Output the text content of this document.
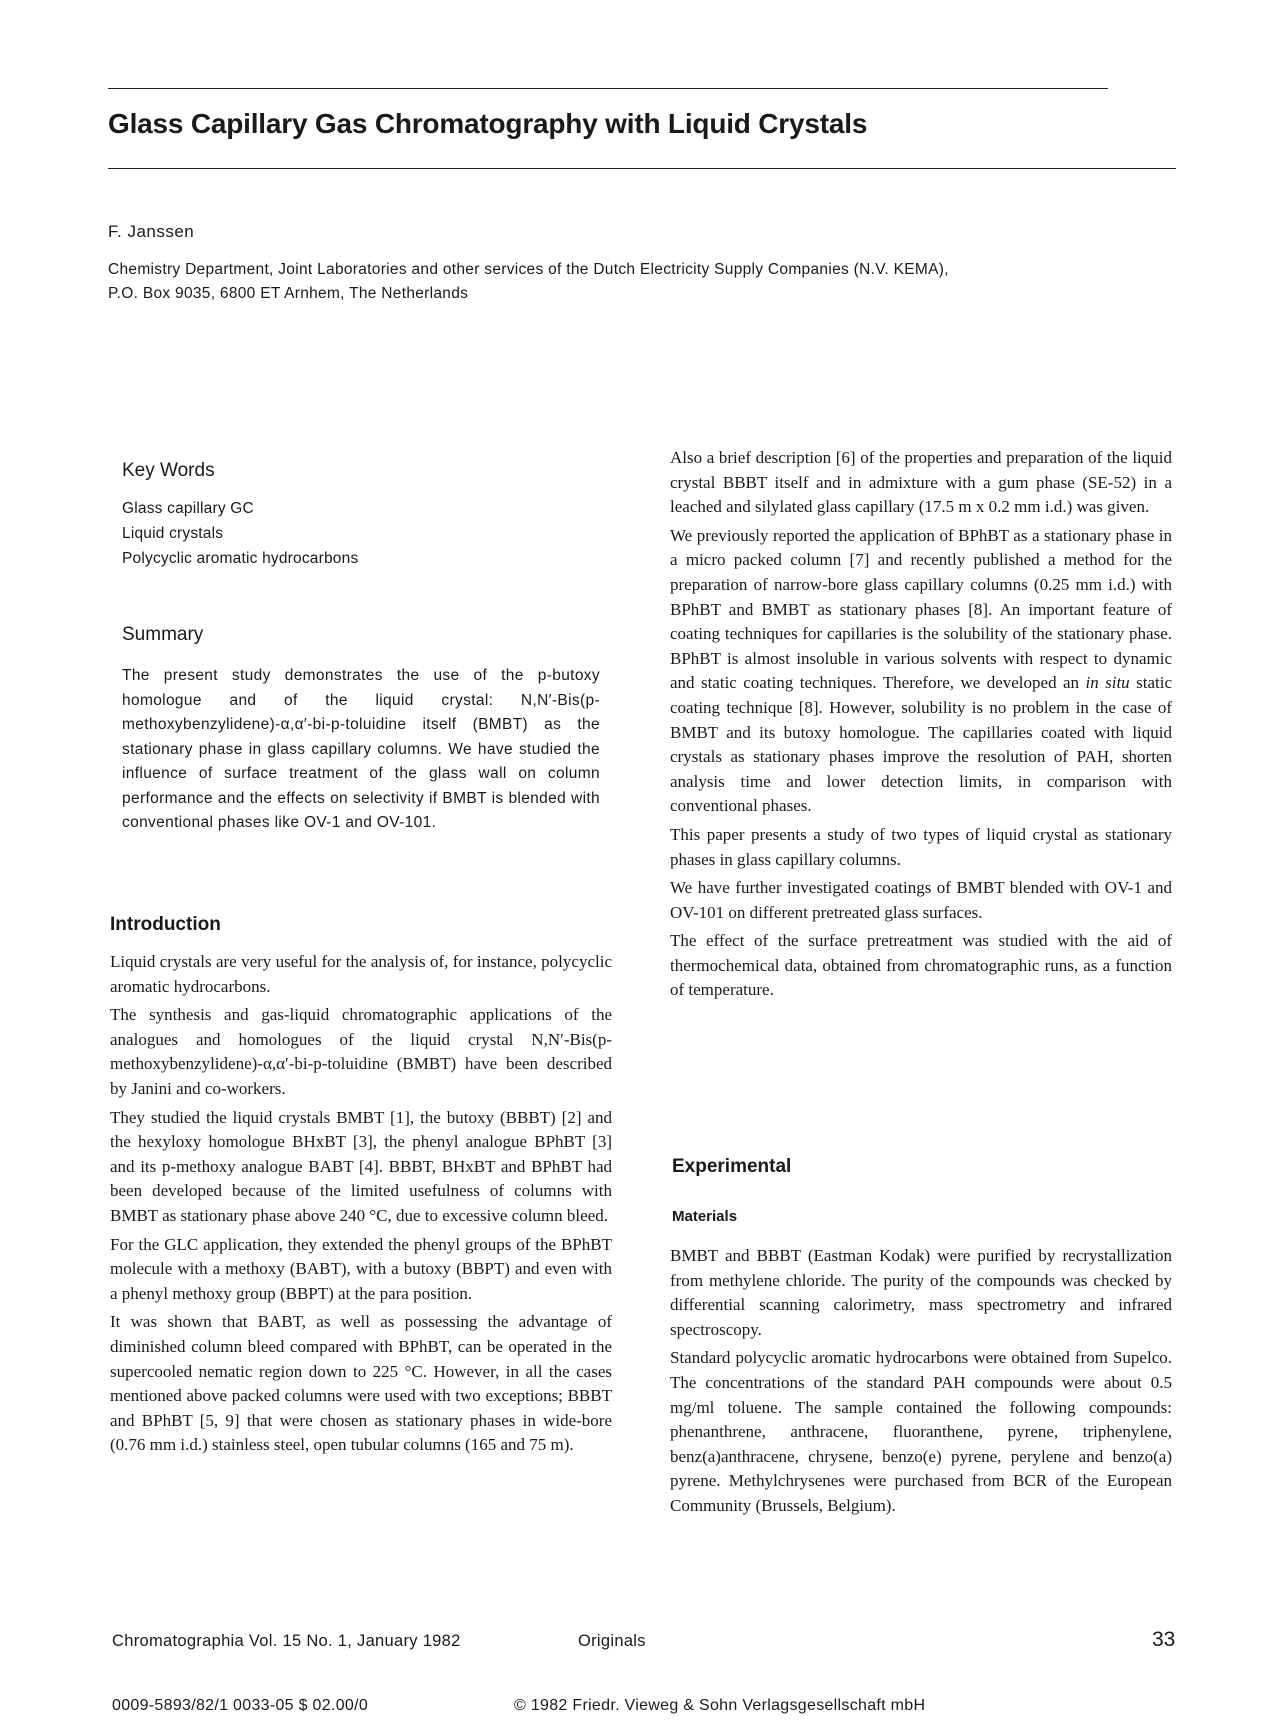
Glass Capillary Gas Chromatography with Liquid Crystals
F. Janssen
Chemistry Department, Joint Laboratories and other services of the Dutch Electricity Supply Companies (N.V. KEMA),
P.O. Box 9035, 6800 ET Arnhem, The Netherlands
Key Words
Glass capillary GC
Liquid crystals
Polycyclic aromatic hydrocarbons
Summary
The present study demonstrates the use of the p-butoxy homologue and of the liquid crystal: N,N′-Bis(p-methoxybenzylidene)-α,α′-bi-p-toluidine itself (BMBT) as the stationary phase in glass capillary columns. We have studied the influence of surface treatment of the glass wall on column performance and the effects on selectivity if BMBT is blended with conventional phases like OV-1 and OV-101.
Introduction

Liquid crystals are very useful for the analysis of, for instance, polycyclic aromatic hydrocarbons.

The synthesis and gas-liquid chromatographic applications of the analogues and homologues of the liquid crystal N,N′-Bis(p-methoxybenzylidene)-α,α′-bi-p-toluidine (BMBT) have been described by Janini and co-workers.

They studied the liquid crystals BMBT [1], the butoxy (BBBT) [2] and the hexyloxy homologue BHxBT [3], the phenyl analogue BPhBT [3] and its p-methoxy analogue BABT [4]. BBBT, BHxBT and BPhBT had been developed because of the limited usefulness of columns with BMBT as stationary phase above 240 °C, due to excessive column bleed.

For the GLC application, they extended the phenyl groups of the BPhBT molecule with a methoxy (BABT), with a butoxy (BBPT) and even with a phenyl methoxy group (BBPT) at the para position.

It was shown that BABT, as well as possessing the advantage of diminished column bleed compared with BPhBT, can be operated in the supercooled nematic region down to 225 °C. However, in all the cases mentioned above packed columns were used with two exceptions; BBBT and BPhBT [5, 9] that were chosen as stationary phases in wide-bore (0.76 mm i.d.) stainless steel, open tubular columns (165 and 75 m).

Also a brief description [6] of the properties and preparation of the liquid crystal BBBT itself and in admixture with a gum phase (SE-52) in a leached and silylated glass capillary (17.5 m x 0.2 mm i.d.) was given.

We previously reported the application of BPhBT as a stationary phase in a micro packed column [7] and recently published a method for the preparation of narrow-bore glass capillary columns (0.25 mm i.d.) with BPhBT and BMBT as stationary phases [8]. An important feature of coating techniques for capillaries is the solubility of the stationary phase. BPhBT is almost insoluble in various solvents with respect to dynamic and static coating techniques. Therefore, we developed an in situ static coating technique [8]. However, solubility is no problem in the case of BMBT and its butoxy homologue. The capillaries coated with liquid crystals as stationary phases improve the resolution of PAH, shorten analysis time and lower detection limits, in comparison with conventional phases.

This paper presents a study of two types of liquid crystal as stationary phases in glass capillary columns.

We have further investigated coatings of BMBT blended with OV-1 and OV-101 on different pretreated glass surfaces.

The effect of the surface pretreatment was studied with the aid of thermochemical data, obtained from chromatographic runs, as a function of temperature.

Experimental
Materials

BMBT and BBBT (Eastman Kodak) were purified by recrystallization from methylene chloride. The purity of the compounds was checked by differential scanning calorimetry, mass spectrometry and infrared spectroscopy.

Standard polycyclic aromatic hydrocarbons were obtained from Supelco. The concentrations of the standard PAH compounds were about 0.5 mg/ml toluene. The sample contained the following compounds: phenanthrene, anthracene, fluoranthene, pyrene, triphenylene, benz(a)anthracene, chrysene, benzo(e) pyrene, perylene and benzo(a) pyrene. Methylchrysenes were purchased from BCR of the European Community (Brussels, Belgium).

Chromatographia Vol. 15 No. 1, January 1982	Originals	33
0009-5893/82/1 0033-05 $ 02.00/0	© 1982 Friedr. Vieweg & Sohn Verlagsgesellschaft mbH
